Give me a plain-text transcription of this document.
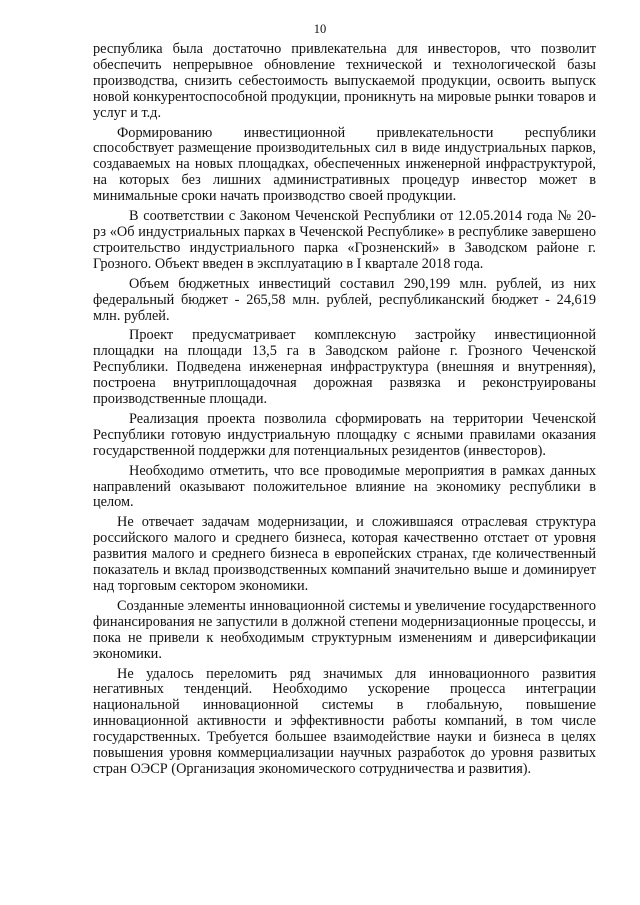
10

республика была достаточно привлекательна для инвесторов, что позволит обеспечить непрерывное обновление технической и технологической базы производства, снизить себестоимость выпускаемой продукции, освоить выпуск новой конкурентоспособной продукции, проникнуть на мировые рынки товаров и услуг и т.д.

Формированию инвестиционной привлекательности республики способствует размещение производительных сил в виде индустриальных парков, создаваемых на новых площадках, обеспеченных инженерной инфраструктурой, на которых без лишних административных процедур инвестор может в минимальные сроки начать производство своей продукции.

В соответствии с Законом Чеченской Республики от 12.05.2014 года № 20-рз «Об индустриальных парках в Чеченской Республике» в республике завершено строительство индустриального парка «Грозненский» в Заводском районе г. Грозного. Объект введен в эксплуатацию в I квартале 2018 года.

Объем бюджетных инвестиций составил 290,199 млн. рублей, из них федеральный бюджет - 265,58 млн. рублей, республиканский бюджет - 24,619 млн. рублей.

Проект предусматривает комплексную застройку инвестиционной площадки на площади 13,5 га в Заводском районе г. Грозного Чеченской Республики. Подведена инженерная инфраструктура (внешняя и внутренняя), построена внутриплощадочная дорожная развязка и реконструированы производственные площади.

Реализация проекта позволила сформировать на территории Чеченской Республики готовую индустриальную площадку с ясными правилами оказания государственной поддержки для потенциальных резидентов (инвесторов).

Необходимо отметить, что все проводимые мероприятия в рамках данных направлений оказывают положительное влияние на экономику республики в целом.

Не отвечает задачам модернизации, и сложившаяся отраслевая структура российского малого и среднего бизнеса, которая качественно отстает от уровня развития малого и среднего бизнеса в европейских странах, где количественный показатель и вклад производственных компаний значительно выше и доминирует над торговым сектором экономики.

Созданные элементы инновационной системы и увеличение государственного финансирования не запустили в должной степени модернизационные процессы, и пока не привели к необходимым структурным изменениям и диверсификации экономики.

Не удалось переломить ряд значимых для инновационного развития негативных тенденций. Необходимо ускорение процесса интеграции национальной инновационной системы в глобальную, повышение инновационной активности и эффективности работы компаний, в том числе государственных. Требуется большее взаимодействие науки и бизнеса в целях повышения уровня коммерциализации научных разработок до уровня развитых стран ОЭСР (Организация экономического сотрудничества и развития).
